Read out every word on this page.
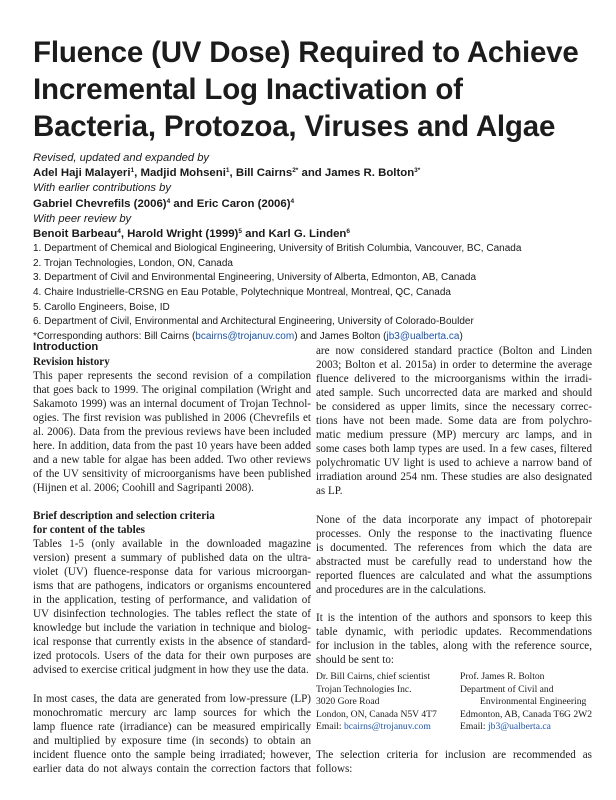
Fluence (UV Dose) Required to Achieve
Incremental Log Inactivation of
Bacteria, Protozoa, Viruses and Algae
Revised, updated and expanded by
Adel Haji Malayeri$^1$, Madjid Mohseni$^1$, Bill Cairns$^{2*}$ and James R. Bolton$^{3*}$
With earlier contributions by
Gabriel Chevrefils $(2006)^4$ and Eric Caron $(2006)^4$
With peer review by
Benoit Barbeau$^4$, Harold Wright $(1999)^5$ and Karl G. Linden$^6$
1. Department of Chemical and Biological Engineering, University of British Columbia, Vancouver, BC, Canada
2. Trojan Technologies, London, ON, Canada
3. Department of Civil and Environmental Engineering, University of Alberta, Edmonton, AB, Canada
4. Chaire Industrielle-CRSNG en Eau Potable, Polytechnique Montreal, Montreal, QC, Canada
5. Carollo Engineers, Boise, ID
6. Department of Civil, Environmental and Architectural Engineering, University of Colorado-Boulder
*Corresponding authors: Bill Cairns (bcairns@trojanuv.com) and James Bolton (jb3@ualberta.ca)
Introduction
Revision history

This paper represents the second revision of a compilation
that goes back to 1999. The original compilation (Wright and
Sakamoto 1999) was an internal document of Trojan Technol-
ogies. The first revision was published in 2006 (Chevrefils et
al. 2006). Data from the previous reviews have been included
here. In addition, data from the past 10 years have been added
and a new table for algae has been added. Two other reviews
of the UV sensitivity of microorganisms have been published
(Hijnen et al. 2006; Coohill and Sagripanti 2008).

Brief description and selection criteria
for content of the tables

Tables 1-5 (only available in the downloaded magazine
version) present a summary of published data on the ultra-
violet (UV) fluence-response data for various microorgan-
isms that are pathogens, indicators or organisms encountered
in the application, testing of performance, and validation of
UV disinfection technologies. The tables reflect the state of
knowledge but include the variation in technique and biolog-
ical response that currently exists in the absence of standard-
ized protocols. Users of the data for their own purposes are
advised to exercise critical judgment in how they use the data.

In most cases, the data are generated from low-pressure (LP)
monochromatic mercury arc lamp sources for which the
lamp fluence rate (irradiance) can be measured empirically
and multiplied by exposure time (in seconds) to obtain an
incident fluence onto the sample being irradiated; however,
earlier data do not always contain the correction factors that

are now considered standard practice (Bolton and Linden
2003; Bolton et al. 2015a) in order to determine the average
fluence delivered to the microorganisms within the irradi-
ated sample. Such uncorrected data are marked and should
be considered as upper limits, since the necessary correc-
tions have not been made. Some data are from polychro-
matic medium pressure (MP) mercury arc lamps, and in
some cases both lamp types are used. In a few cases, filtered
polychromatic UV light is used to achieve a narrow band of
irradiation around 254 nm. These studies are also designated
as LP.

None of the data incorporate any impact of photorepair
processes. Only the response to the inactivating fluence
is documented. The references from which the data are
abstracted must be carefully read to understand how the
reported fluences are calculated and what the assumptions
and procedures are in the calculations.

It is the intention of the authors and sponsors to keep this
table dynamic, with periodic updates. Recommendations
for inclusion in the tables, along with the reference source,
should be sent to:

Dr. Bill Cairns, chief scientist
Trojan Technologies Inc.
3020 Gore Road
London, ON, Canada N5V 4T7
Email: bcairns@trojanuv.com
Prof. James R. Bolton
Department of Civil and
Environmental Engineering
Edmonton, AB, Canada T6G 2W2
Email: jb3@ualberta.ca

The selection criteria for inclusion are recommended as
follows:
